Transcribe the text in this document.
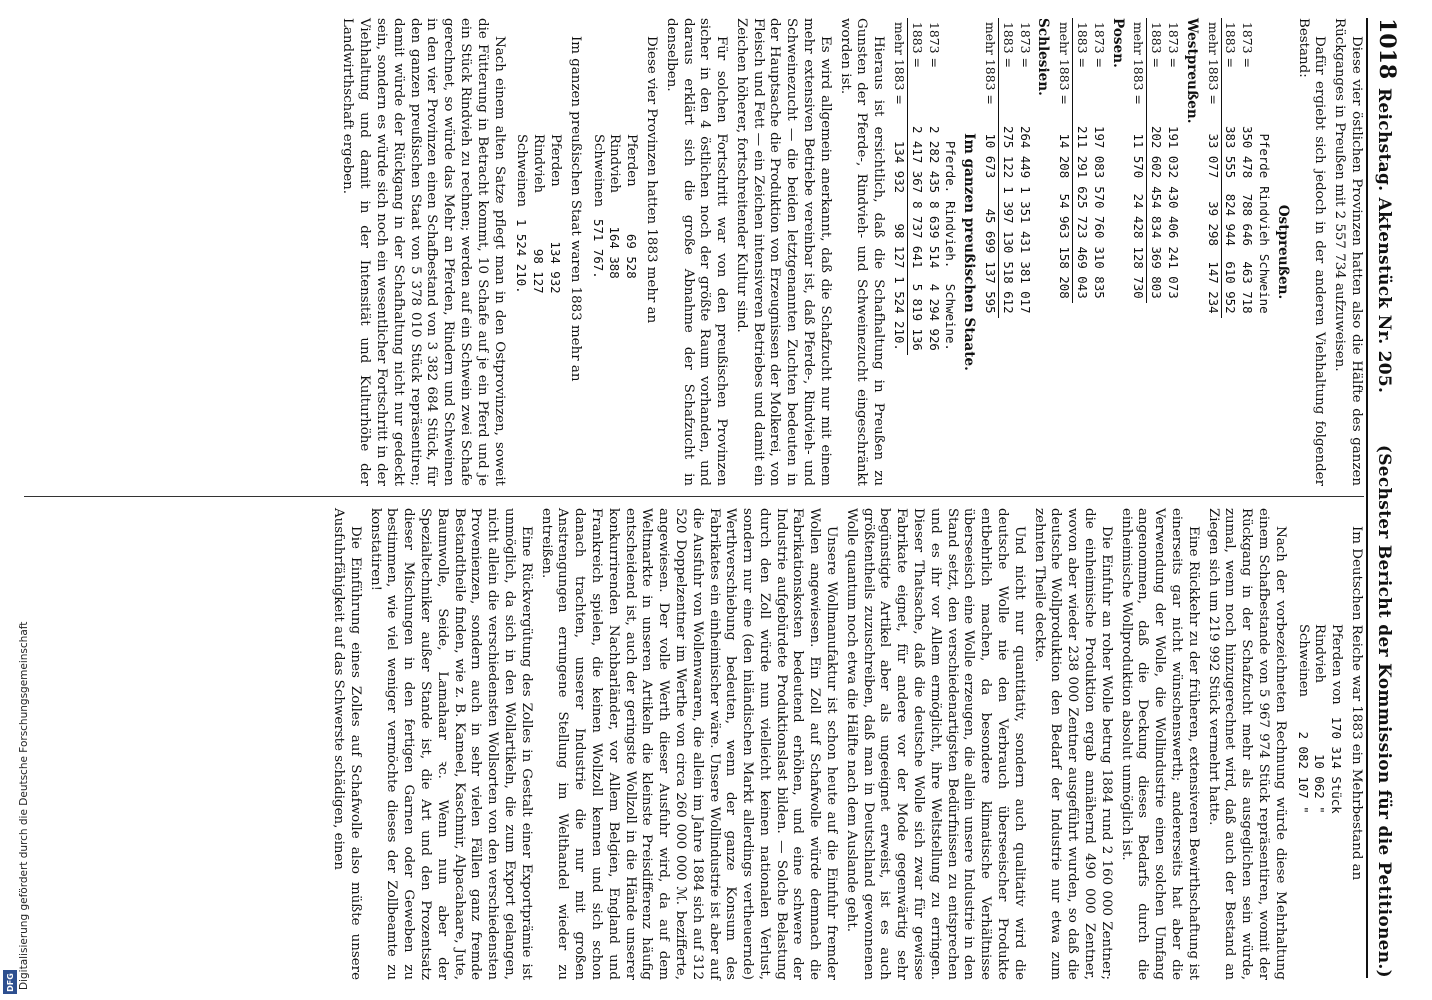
1018
Reichstag. Aktenstück Nr. 205.
(Sechster Bericht der Kommission für die Petitionen.)

Diese vier östlichen Provinzen hatten also die Hälfte des ganzen Rückganges in Preußen mit 2 557 734 aufzuweisen.

Dafür ergiebt sich jedoch in der anderen Viehhaltung folgender Bestand:

Ostpreußen.
	Pferde	Rindvieh	Schweine
1873 =	350 478	788 646	463 718
1883 =	383 555	824 944	610 952
mehr 1883 =	33 077	39 298	147 234
Westpreußen.
1873 =	191 032	430 406	241 073
1883 =	202 602	454 834	369 803
mehr 1883 =	11 570	24 428	128 730
Posen.
1873 =	197 083	570 760	310 835
1883 =	211 291	625 723	469 043
mehr 1883 =	14 208	54 963	158 208
Schlesien.
1873 =	264 449	1 351 431	381 017
1883 =	275 122	1 397 130	518 612
mehr 1883 =	10 673	45 699	137 595
Im ganzen preußischen Staate.
	Pferde.	Rindvieh.	Schweine.
1873 =	2 282 435	8 639 514	4 294 926
1883 =	2 417 367	8 737 641	5 819 136
mehr 1883 =	134 932	98 127	1 524 210.

Hieraus ist ersichtlich, daß die Schafhaltung in Preußen zu Gunsten der Pferde-, Rindvieh- und Schweinezucht eingeschränkt worden ist.

Es wird allgemein anerkannt, daß die Schafzucht nur mit einem mehr extensiven Betriebe vereinbar ist, daß Pferde-, Rindvieh- und Schweinezucht — die beiden letztgenannten Zuchten bedeuten in der Hauptsache die Produktion von Erzeugnissen der Molkerei, von Fleisch und Fett — ein Zeichen intensiveren Betriebes und damit ein Zeichen höherer, fortschreitender Kultur sind.

Für solchen Fortschritt war von den preußischen Provinzen sicher in den 4 östlichen noch der größte Raum vorhanden, und daraus erklärt sich die große Abnahme der Schafzucht in denselben.

Diese vier Provinzen hatten 1883 mehr an

Pferden	69 528
Rindvieh	164 388
Schweinen	571 767.

Im ganzen preußischen Staat waren 1883 mehr an

Pferden	134 932
Rindvieh	98 127
Schweinen	1 524 210.

Nach einem alten Satze pflegt man in den Ostprovinzen, soweit die Fütterung in Betracht kommt, 10 Schafe auf je ein Pferd und je ein Stück Rindvieh zu rechnen; werden auf ein Schwein zwei Schafe gerechnet, so würde das Mehr an Pferden, Rindern und Schweinen in den vier Provinzen einen Schafbestand von 3 382 684 Stück, für den ganzen preußischen Staat von 5 378 010 Stück repräsentiren; damit würde der Rückgang in der Schafhaltung nicht nur gedeckt sein, sondern es würde sich noch ein wesentlicher Fortschritt in der Viehhaltung und damit in der Intensität und Kulturhöhe der Landwirthschaft ergeben.

Im Deutschen Reiche war 1883 ein Mehrbestand an

Pferden von	170 314 Stück
Rindvieh	10 062 "
Schweinen	2 082 107 "

Nach der vorbezeichneten Rechnung würde diese Mehrhaltung einem Schafbestande von 5 967 974 Stück repräsentiren, womit der Rückgang in der Schafzucht mehr als ausgeglichen sein würde, zumal, wenn noch hinzugerechnet wird, daß auch der Bestand an Ziegen sich um 219 992 Stück vermehrt hatte.

Eine Rückkehr zu der früheren, extensiveren Bewirthschaftung ist einerseits gar nicht wünschenswerth; andererseits hat aber die Verwendung der Wolle, die Wollindustrie einen solchen Umfang angenommen, daß die Deckung dieses Bedarfs durch die einheimische Wollproduktion absolut unmöglich ist.

Die Einfuhr an roher Wolle betrug 1884 rund 2 160 000 Zentner; die einheimische Produktion ergab annähernd 490 000 Zentner, wovon aber wieder 238 000 Zentner ausgeführt wurden, so daß die deutsche Wollproduktion den Bedarf der Industrie nur etwa zum zehnten Theile deckte.

Und nicht nur quantitativ, sondern auch qualitativ wird die deutsche Wolle nie den Verbrauch überseeischer Produkte entbehrlich machen, da besondere klimatische Verhältnisse überseeisch eine Wolle erzeugen, die allein unsere Industrie in den Stand setzt, den verschiedenartigsten Bedürfnissen zu entsprechen und es ihr vor Allem ermöglicht, ihre Weltstellung zu erringen. Dieser Thatsache, daß die deutsche Wolle sich zwar für gewisse Fabrikate eignet, für andere vor der Mode gegenwärtig sehr begünstigte Artikel aber als ungeeignet erweist, ist es auch größtentheils zuzuschreiben, daß man in Deutschland gewonnenen Wolle quantum noch etwa die Hälfte nach dem Auslande geht.

Unsere Wollmanufaktur ist schon heute auf die Einfuhr fremder Wollen angewiesen. Ein Zoll auf Schafwolle würde demnach die Fabrikationskosten bedeutend erhöhen, und eine schwere der Industrie aufgebürdete Produktionslast bilden. — Solche Belastung durch den Zoll würde nun vielleicht keinen nationalen Verlust, sondern nur eine (den inländischen Markt allerdings vertheuernde) Werthverschiebung bedeuten, wenn der ganze Konsum des Fabrikates ein einheimischer wäre. Unsere Wollindustrie ist aber auf die Ausfuhr von Wollenwaaren, die allein im Jahre 1884 sich auf 312 520 Doppelzentner im Werthe von circa 260 000 000 ℳ. bezifferte, angewiesen. Der volle Werth dieser Ausfuhr wird, da auf dem Weltmarkte in unseren Artikeln die kleinste Preisdifferenz häufig entscheidend ist, auch der geringste Wollzoll in die Hände unserer konkurrirenden Nachbarländer, vor Allem Belgien, England und Frankreich spielen, die keinen Wollzoll kennen und sich schon danach trachten, unserer Industrie die nur mit großen Anstrengungen errungene Stellung im Welthandel wieder zu entreißen.

Eine Rückvergütung des Zolles in Gestalt einer Exportprämie ist unmöglich, da sich in den Wollartikeln, die zum Export gelangen, nicht allein die verschiedensten Wollsorten von den verschiedensten Provenienzen, sondern auch in sehr vielen Fällen ganz fremde Bestandtheile finden, wie z. B. Kameel, Kaschmir, Alpacahaare, Jute, Baumwolle, Seide, Lamahaar ꝛc. Wenn nun aber der Spezialtechniker außer Stande ist, die Art und den Prozentsatz dieser Mischungen in den fertigen Garnen oder Geweben zu bestimmen, wie viel weniger vermöchte dieses der Zollbeamte zu konstatiren!

Die Einführung eines Zolles auf Schafwolle also müßte unsere Ausfuhrfähigkeit auf das Schwerste schädigen, einen

Digitalisierung gefördert durch die Deutsche Forschungsgemeinschaft
DFG
